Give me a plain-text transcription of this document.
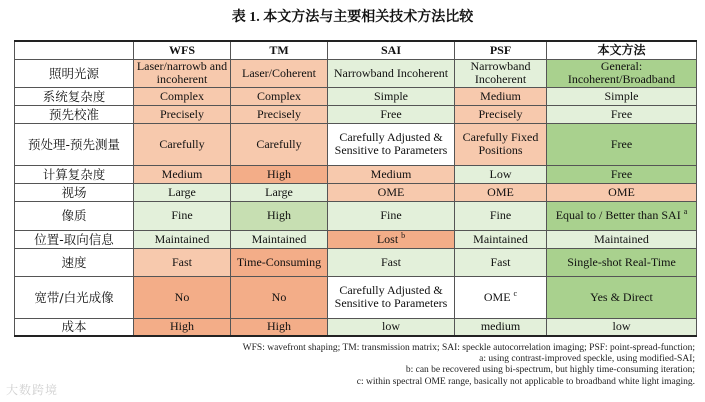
表 1. 本文方法与主要相关技术方法比较
	WFS	TM	SAI	PSF	本文方法
照明光源	Laser/narrowb and incoherent	Laser/Coherent	Narrowband Incoherent	Narrowband Incoherent	General: Incoherent/Broadband
系统复杂度	Complex	Complex	Simple	Medium	Simple
预先校准	Precisely	Precisely	Free	Precisely	Free
预处理-预先测量	Carefully	Carefully	Carefully Adjusted & Sensitive to Parameters	Carefully Fixed Positions	Free
计算复杂度	Medium	High	Medium	Low	Free
视场	Large	Large	OME	OME	OME
像质	Fine	High	Fine	Fine	Equal to / Better than SAI $^a$
位置-取向信息	Maintained	Maintained	Lost $^b$	Maintained	Maintained
速度	Fast	Time-Consuming	Fast	Fast	Single-shot Real-Time
宽带/白光成像	No	No	Carefully Adjusted & Sensitive to Parameters	OME $^c$	Yes & Direct
成本	High	High	low	medium	low
WFS: wavefront shaping; TM: transmission matrix; SAI: speckle autocorrelation imaging; PSF: point-spread-function;
a: using contrast-improved speckle, using modified-SAI;
b: can be recovered using bi-spectrum, but highly time-consuming iteration;
c: within spectral OME range, basically not applicable to broadband white light imaging.
大数跨境
